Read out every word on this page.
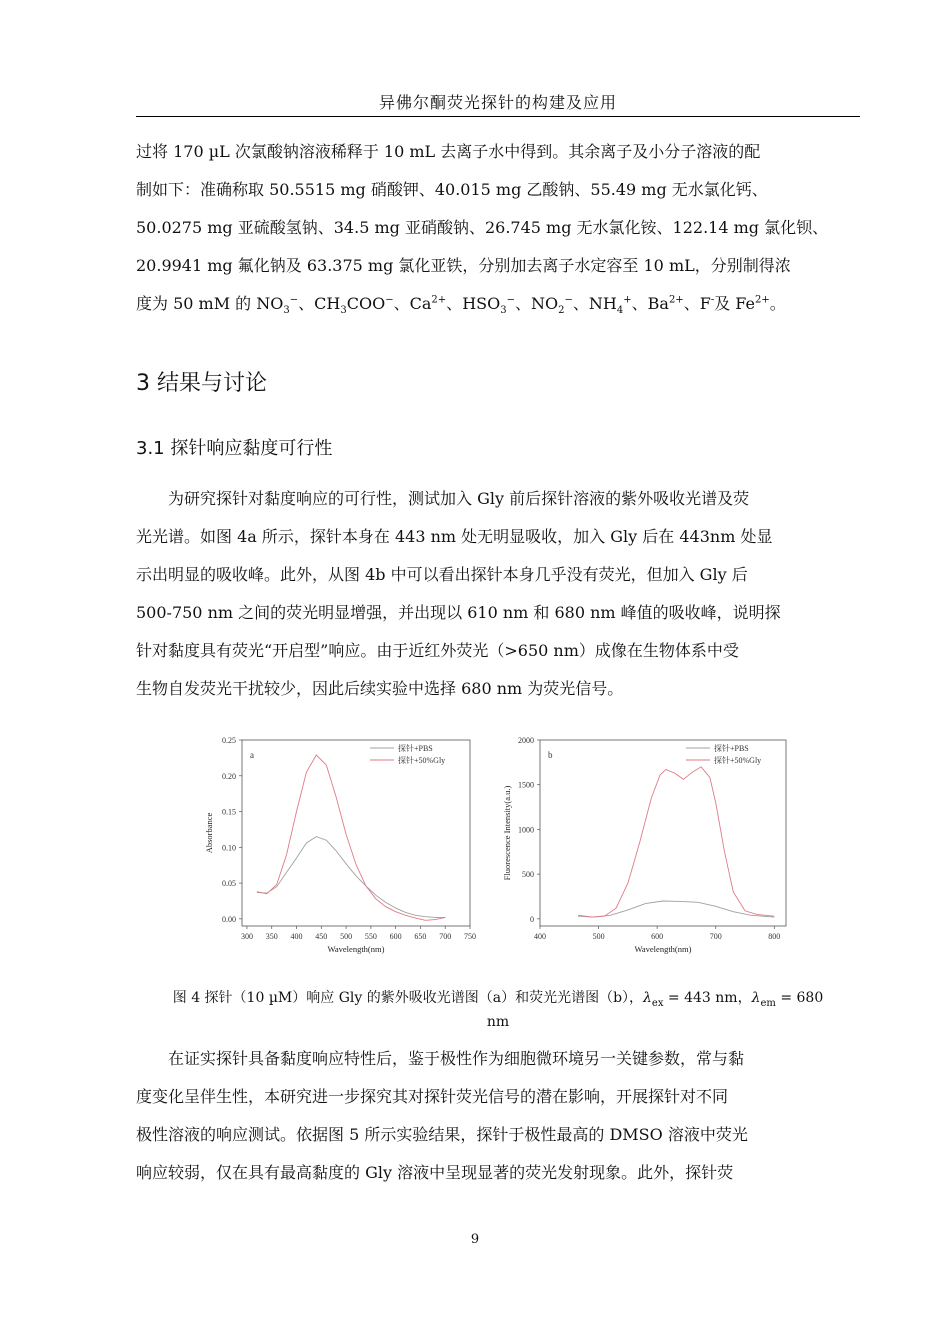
异佛尔酮荧光探针的构建及应用
过将 170 µL 次氯酸钠溶液稀释于 10 mL 去离子水中得到。其余离子及小分子溶液的配
制如下：准确称取 50.5515 mg 硝酸钾、40.015 mg 乙酸钠、55.49 mg 无水氯化钙、
50.0275 mg 亚硫酸氢钠、34.5 mg 亚硝酸钠、26.745 mg 无水氯化铵、122.14 mg 氯化钡、
20.9941 mg 氟化钠及 63.375 mg 氯化亚铁，分别加去离子水定容至 10 mL，分别制得浓
度为 50 mM 的 $NO_3^-$、$CH_3COO^-$、$Ca^{2+}$、$HSO_3^-$、$NO_2^-$、$NH_4^+$、$Ba^{2+}$、F-及 $Fe^{2+}$。
3 结果与讨论
3.1 探针响应黏度可行性
为研究探针对黏度响应的可行性，测试加入 Gly 前后探针溶液的紫外吸收光谱及荧
光光谱。如图 4a 所示，探针本身在 443 nm 处无明显吸收，加入 Gly 后在 443nm 处显
示出明显的吸收峰。此外，从图 4b 中可以看出探针本身几乎没有荧光，但加入 Gly 后
500-750 nm 之间的荧光明显增强，并出现以 610 nm 和 680 nm 峰值的吸收峰，说明探
针对黏度具有荧光“开启型”响应。由于近红外荧光（>650 nm）成像在生物体系中受
生物自发荧光干扰较少，因此后续实验中选择 680 nm 为荧光信号。
300 350 400 450 500 550 600 650 700 750
0.00
0.05
0.10
0.15
0.20
0.25
Wavelength(nm)
Absorbance
a
探针+PBS
探针+50%Gly
400	500	600	700	800
0
500
1000
1500
2000
Wavelength(nm)
Fluorescence Intensity(a.u.)
b
探针+PBS
探针+50%Gly
图 4 探针（10 µM）响应 Gly 的紫外吸收光谱图（a）和荧光光谱图（b），$\lambda_{ex} = 443$ nm，$\lambda_{em} = 680$
nm
在证实探针具备黏度响应特性后，鉴于极性作为细胞微环境另一关键参数，常与黏
度变化呈伴生性，本研究进一步探究其对探针荧光信号的潜在影响，开展探针对不同
极性溶液的响应测试。依据图 5 所示实验结果，探针于极性最高的 DMSO 溶液中荧光
响应较弱，仅在具有最高黏度的 Gly 溶液中呈现显著的荧光发射现象。此外，探针荧
9
